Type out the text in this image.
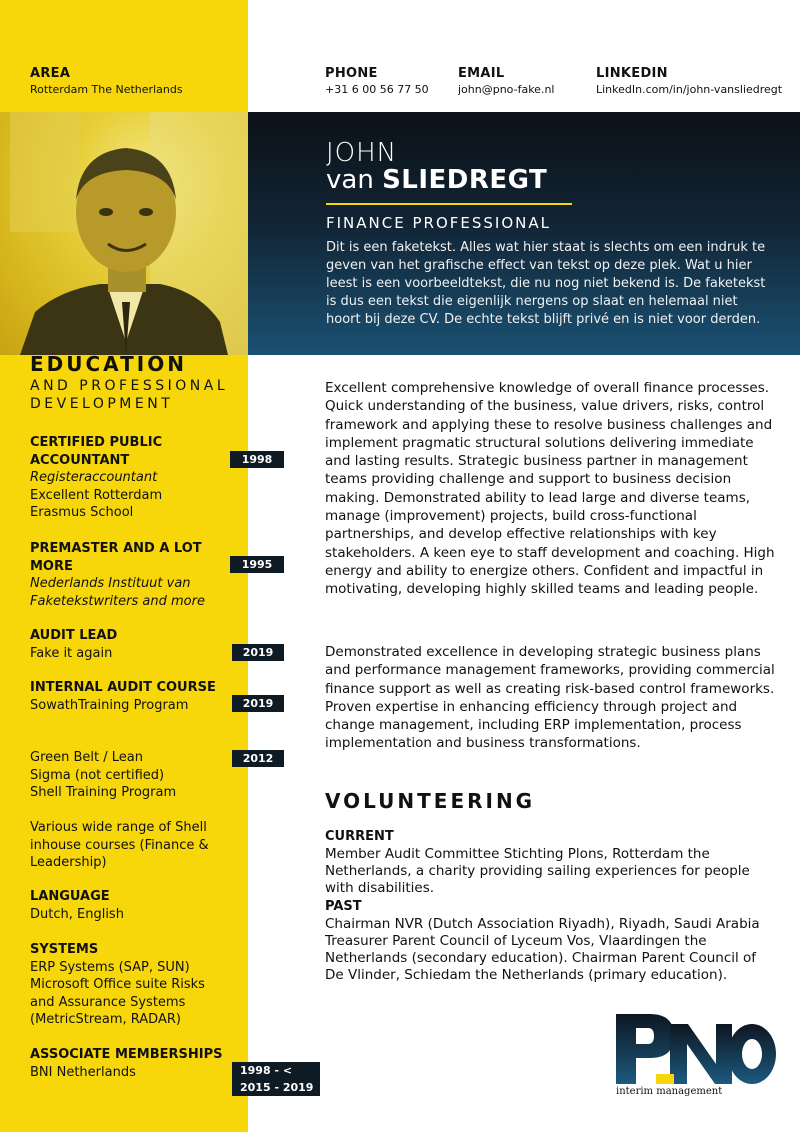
AREA
Rotterdam The Netherlands
PHONE
+31 6 00 56 77 50
EMAIL
john@pno-fake.nl
LINKEDIN
LinkedIn.com/in/john-vansliedregt
JOHN
van SLIEDREGT
FINANCE PROFESSIONAL
Dit is een faketekst. Alles wat hier staat is slechts om een indruk te geven van het grafische effect van tekst op deze plek. Wat u hier leest is een voorbeeldtekst, die nu nog niet bekend is. De faketekst is dus een tekst die eigenlijk nergens op slaat en helemaal niet hoort bij deze CV. De echte tekst blijft privé en is niet voor derden.
EDUCATION
AND PROFESSIONAL DEVELOPMENT
CERTIFIED PUBLIC ACCOUNTANT
Registeraccountant
Excellent Rotterdam Erasmus School
1998
PREMASTER AND A LOT MORE
Nederlands Instituut van Faketekstwriters and more
1995
AUDIT LEAD
Fake it again	2019
INTERNAL AUDIT COURSE
SowathTraining Program	2019
Green Belt / Lean Sigma (not certified) Shell Training Program
2012
Various wide range of Shell inhouse courses (Finance & Leadership)
LANGUAGE
Dutch, English
SYSTEMS
ERP Systems (SAP, SUN) Microsoft Office suite Risks and Assurance Systems (MetricStream, RADAR)
ASSOCIATE MEMBERSHIPS
BNI Netherlands	1998 - <
2015 - 2019
Excellent comprehensive knowledge of overall finance processes. Quick understanding of the business, value drivers, risks, control framework and applying these to resolve business challenges and implement pragmatic structural solutions delivering immediate and lasting results. Strategic business partner in management teams providing challenge and support to business decision making. Demonstrated ability to lead large and diverse teams, manage (improvement) projects, build cross-functional partnerships, and develop effective relationships with key stakeholders. A keen eye to staff development and coaching. High energy and ability to energize others. Confident and impactful in motivating, developing highly skilled teams and leading people.
Demonstrated excellence in developing strategic business plans and performance management frameworks, providing commercial finance support as well as creating risk-based control frameworks. Proven expertise in enhancing efficiency through project and change management, including ERP implementation, process implementation and business transformations.
VOLUNTEERING
CURRENT
Member Audit Committee Stichting Plons, Rotterdam the Netherlands, a charity providing sailing experiences for people with disabilities.
PAST
Chairman NVR (Dutch Association Riyadh), Riyadh, Saudi Arabia Treasurer Parent Council of Lyceum Vos, Vlaardingen the Netherlands (secondary education). Chairman Parent Council of De Vlinder, Schiedam the Netherlands (primary education).
interim management
